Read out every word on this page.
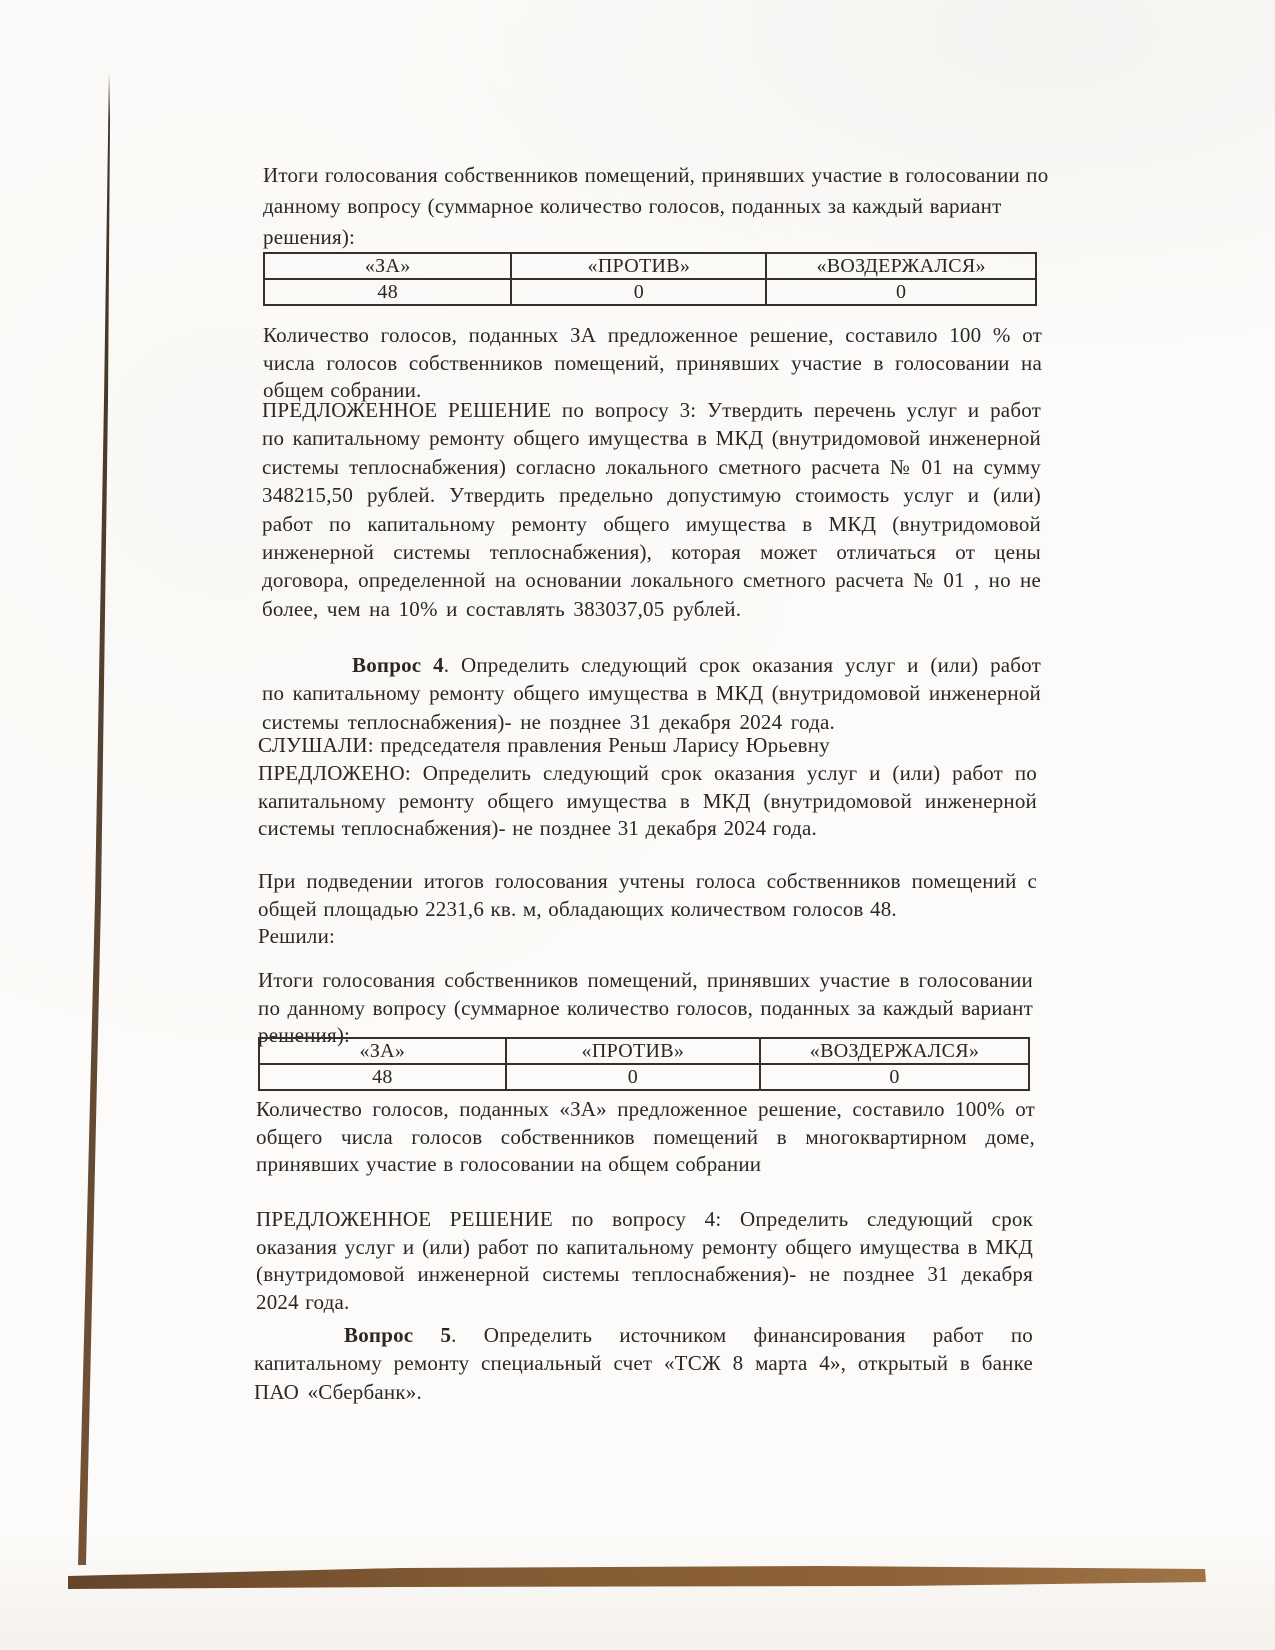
Итоги голосования собственников помещений, принявших участие в голосовании по данному вопросу (суммарное количество голосов, поданных за каждый вариант решения):

«ЗА»	«ПРОТИВ»	«ВОЗДЕРЖАЛСЯ»
48	0	0

Количество голосов, поданных ЗА предложенное решение, составило 100 % от числа голосов собственников помещений, принявших участие в голосовании на общем собрании.

ПРЕДЛОЖЕННОЕ РЕШЕНИЕ по вопросу 3: Утвердить перечень услуг и работ по капитальному ремонту общего имущества в МКД (внутридомовой инженерной системы теплоснабжения) согласно локального сметного расчета № 01 на сумму 348215,50 рублей. Утвердить предельно допустимую стоимость услуг и (или) работ по капитальному ремонту общего имущества в МКД (внутридомовой инженерной системы теплоснабжения), которая может отличаться от цены договора, определенной на основании локального сметного расчета № 01 , но не более, чем на 10% и составлять 383037,05 рублей.

Вопрос 4. Определить следующий срок оказания услуг и (или) работ по капитальному ремонту общего имущества в МКД (внутридомовой инженерной системы теплоснабжения)- не позднее 31 декабря 2024 года.

СЛУШАЛИ: председателя правления Реньш Ларису Юрьевну

ПРЕДЛОЖЕНО: Определить следующий срок оказания услуг и (или) работ по капитальному ремонту общего имущества в МКД (внутридомовой инженерной системы теплоснабжения)- не позднее 31 декабря 2024 года.

При подведении итогов голосования учтены голоса собственников помещений с общей площадью 2231,6 кв. м, обладающих количеством голосов 48.

Решили:

Итоги голосования собственников помещений, принявших участие в голосовании по данному вопросу (суммарное количество голосов, поданных за каждый вариант решения):

«ЗА»	«ПРОТИВ»	«ВОЗДЕРЖАЛСЯ»
48	0	0

Количество голосов, поданных «ЗА» предложенное решение, составило 100% от общего числа голосов собственников помещений в многоквартирном доме, принявших участие в голосовании на общем собрании

ПРЕДЛОЖЕННОЕ РЕШЕНИЕ по вопросу 4: Определить следующий срок оказания услуг и (или) работ по капитальному ремонту общего имущества в МКД (внутридомовой инженерной системы теплоснабжения)- не позднее 31 декабря 2024 года.

Вопрос 5. Определить источником финансирования работ по капитальному ремонту специальный счет «ТСЖ 8 марта 4», открытый в банке ПАО «Сбербанк».
